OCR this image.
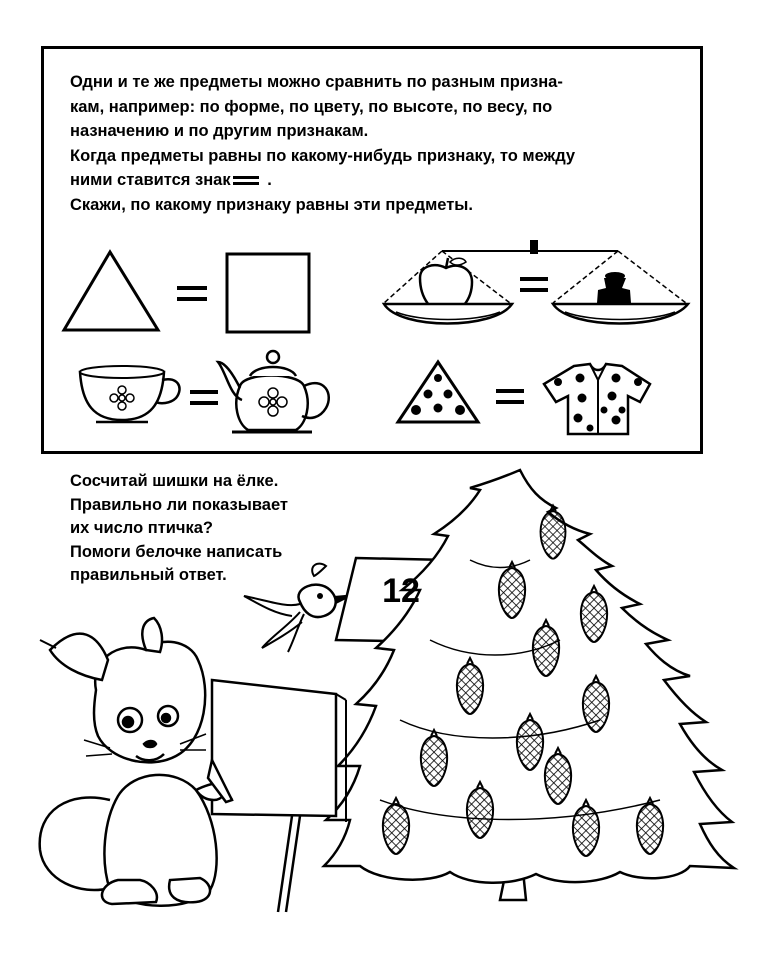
Одни и те же предметы можно сравнить по разным призна-

кам, например: по форме, по цвету, по высоте, по весу, по

назначению и по другим признакам.

Когда предметы равны по какому-нибудь признаку, то между

ними ставится знак .

Скажи, по какому признаку равны эти предметы.

12

Сосчитай шишки на ёлке.

Правильно ли показывает

их число птичка?

Помоги белочке написать

правильный ответ.
